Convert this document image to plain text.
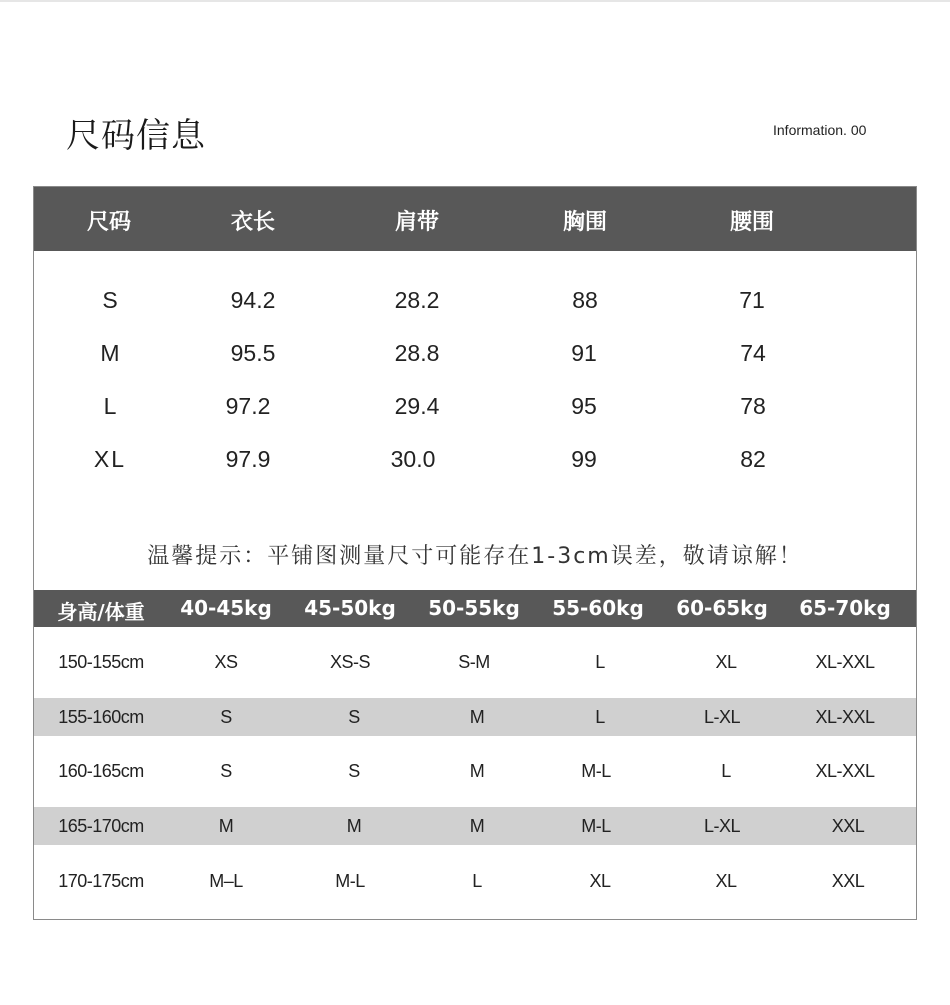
尺码信息	Information. 00
尺码	衣长	肩带	胸围	腰围
S	94.2	28.2	88	71
M	95.5	28.8	91	74
L	97.2	29.4	95	78
XL	97.9	30.0	99	82
温馨提示：平铺图测量尺寸可能存在1-3cm误差，敬请谅解！
身高/体重 40-45kg 45-50kg 50-55kg 55-60kg 60-65kg 65-70kg
150-155cm	XS	XS-S	S-M	L	XL	XL-XXL
155-160cm	S	S	M	L	L-XL	XL-XXL
160-165cm	S	S	M	M-L	L	XL-XXL
165-170cm	M	M	M	M-L	L-XL	XXL
170-175cm	M–L	M-L	L	XL	XL	XXL
